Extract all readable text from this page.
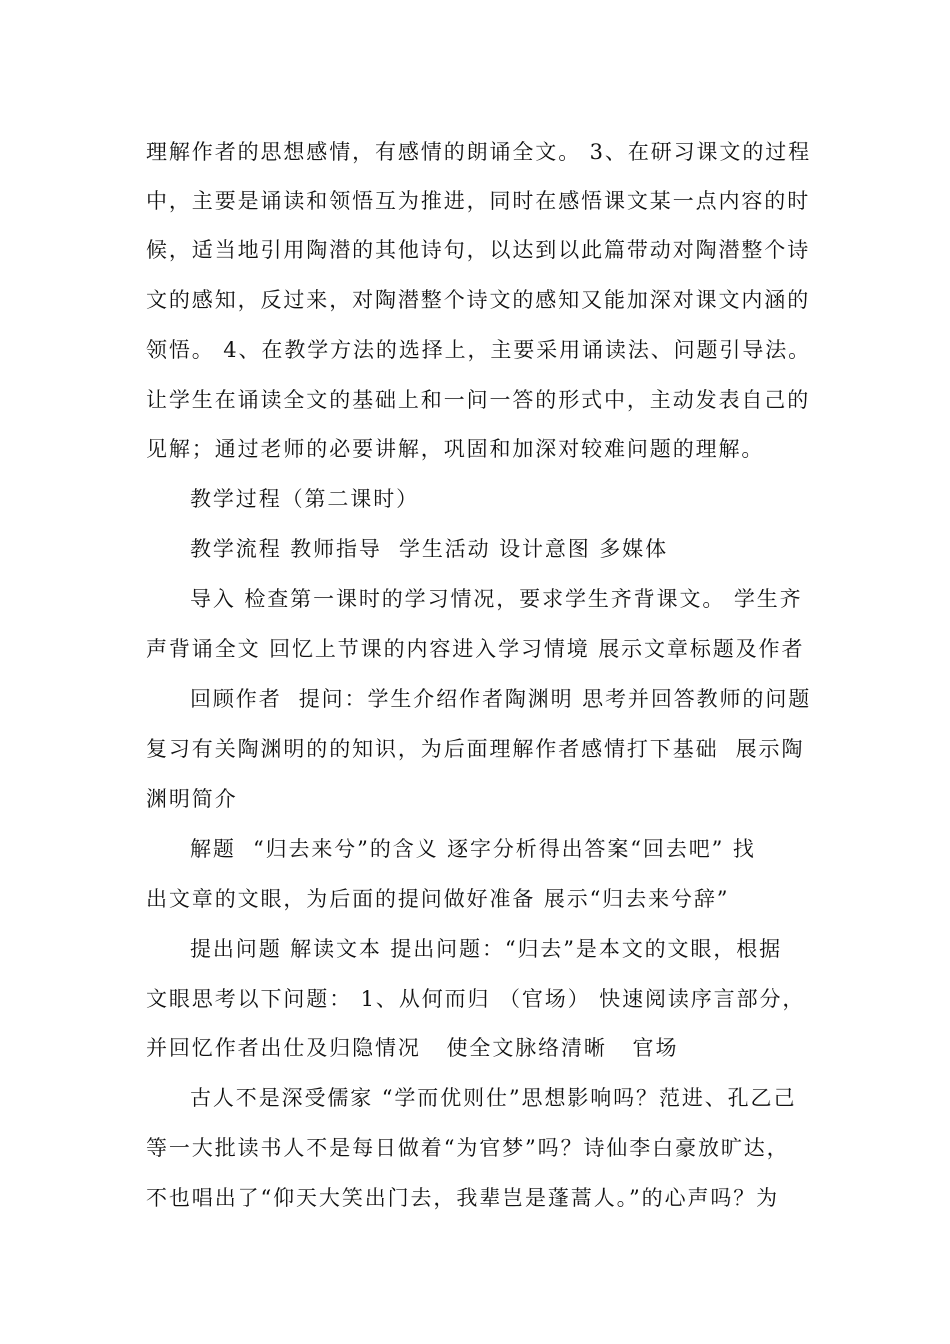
理解作者的思想感情，有感情的朗诵全文。 3、在研习课文的过程
中，主要是诵读和领悟互为推进，同时在感悟课文某一点内容的时
候，适当地引用陶潜的其他诗句，以达到以此篇带动对陶潜整个诗
文的感知，反过来，对陶潜整个诗文的感知又能加深对课文内涵的
领悟。 4、在教学方法的选择上，主要采用诵读法、问题引导法。
让学生在诵读全文的基础上和一问一答的形式中，主动发表自己的
见解；通过老师的必要讲解，巩固和加深对较难问题的理解。
教学过程（第二课时）
教学流程 教师指导  学生活动 设计意图 多媒体
导入 检查第一课时的学习情况，要求学生齐背课文。 学生齐
声背诵全文 回忆上节课的内容进入学习情境 展示文章标题及作者
回顾作者  提问：学生介绍作者陶渊明 思考并回答教师的问题
复习有关陶渊明的的知识，为后面理解作者感情打下基础  展示陶
渊明简介
解题  “归去来兮”的含义 逐字分析得出答案“回去吧” 找
出文章的文眼，为后面的提问做好准备 展示“归去来兮辞”
提出问题 解读文本 提出问题：“归去”是本文的文眼，根据
文眼思考以下问题： 1、从何而归 （官场） 快速阅读序言部分，
并回忆作者出仕及归隐情况   使全文脉络清晰   官场
古人不是深受儒家 “学而优则仕”思想影响吗？范进、孔乙己
等一大批读书人不是每日做着“为官梦”吗？诗仙李白豪放旷达，
不也唱出了“仰天大笑出门去，我辈岂是蓬蒿人。”的心声吗？为
